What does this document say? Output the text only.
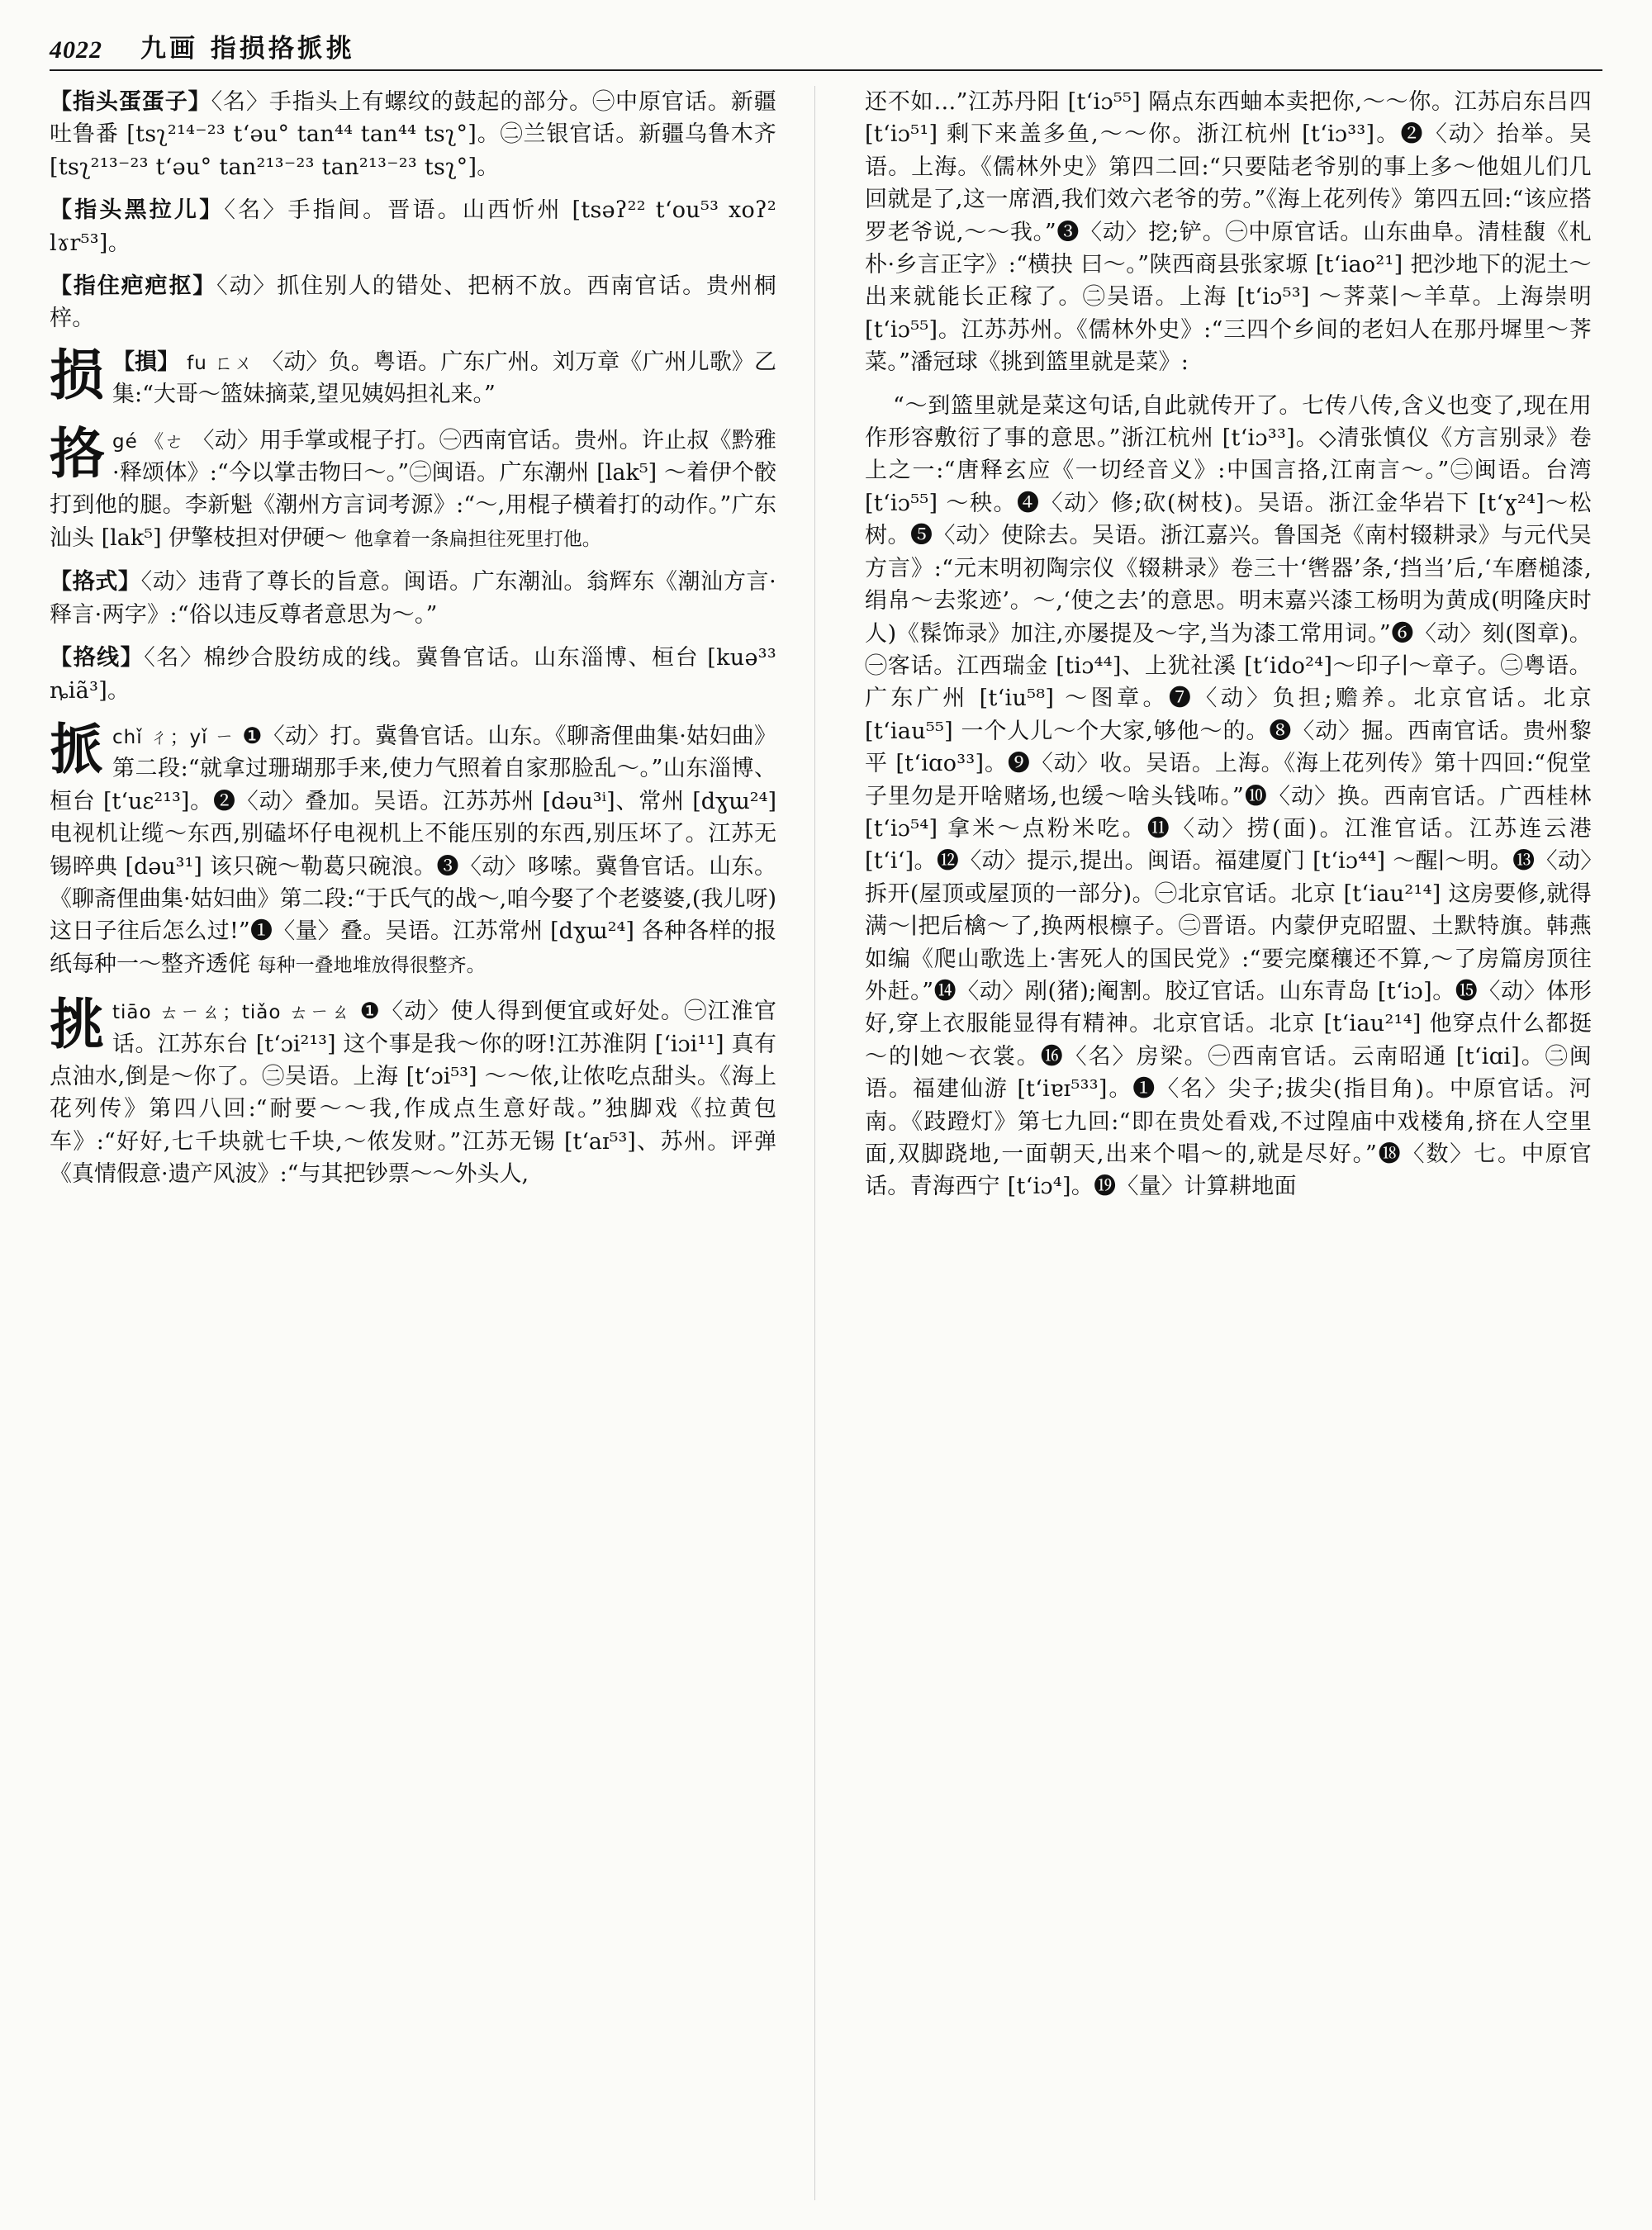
4022 九画 指损挌挀挑
【指头蛋蛋子】〈名〉手指头上有螺纹的鼓起的部分。㊀中原官话。新疆吐鲁番 [tsʅ²¹⁴⁻²³ tʻəu° tan⁴⁴ tan⁴⁴ tsʅ°]。㊁兰银官话。新疆乌鲁木齐 [tsʅ²¹³⁻²³ tʻəu° tan²¹³⁻²³ tan²¹³⁻²³ tsʅ°]。
【指头黑拉儿】〈名〉手指间。晋语。山西忻州 [tsəʔ²² tʻou⁵³ xoʔ² lɤr⁵³]。
【指住疤疤抠】〈动〉抓住别人的错处、把柄不放。西南官话。贵州桐梓。
损 【損】 fu ㄈㄨ 〈动〉负。粤语。广东广州。刘万章《广州儿歌》乙集:“大哥～篮妹摘菜,望见姨妈担礼来。”
挌 gé 《ㄜ 〈动〉用手掌或棍子打。㊀西南官话。贵州。许止叔《黔雅·释颂体》:“今以掌击物曰～。”㊁闽语。广东潮州 [lak⁵] ～着伊个骹打到他的腿。李新魁《潮州方言词考源》:“～,用棍子横着打的动作。”广东汕头 [lak⁵] 伊擎枝担对伊硬～ 他拿着一条扁担往死里打他。
【挌式】〈动〉违背了尊长的旨意。闽语。广东潮汕。翁辉东《潮汕方言·释言·两字》:“俗以违反尊者意思为～。”
【挌线】〈名〉棉纱合股纺成的线。冀鲁官话。山东淄博、桓台 [kuə³³ ȵiã³]。
挀 chǐ ㄔ；yǐ ㄧ ❶〈动〉打。冀鲁官话。山东。《聊斋俚曲集·姑妇曲》第二段:“就拿过珊瑚那手来,使力气照着自家那脸乱～。”山东淄博、桓台 [tʻuɛ²¹³]。❷〈动〉叠加。吴语。江苏苏州 [dəu³ⁱ]、常州 [dɣɯ²⁴] 电视机让缆～东西,别磕坏仔电视机上不能压别的东西,别压坏了。江苏无锡晬典 [dəu³¹] 该只碗～勒葛只碗浪。❸〈动〉哆嗦。冀鲁官话。山东。《聊斋俚曲集·姑妇曲》第二段:“于氏气的战～,咱今娶了个老婆婆,(我儿呀)这日子往后怎么过!”❶〈量〉叠。吴语。江苏常州 [dɣɯ²⁴] 各种各样的报纸每种一～整齐透侂 每种一叠地堆放得很整齐。
挑 tiāo ㄊㄧㄠ；tiǎo ㄊㄧㄠ ❶〈动〉使人得到便宜或好处。㊀江淮官话。江苏东台 [tʻɔi²¹³] 这个事是我～你的呀!江苏淮阴 [ʻiɔi¹¹] 真有点油水,倒是～你了。㊁吴语。上海 [tʻɔi⁵³] ～～侬,让侬吃点甜头。《海上花列传》第四八回:“耐要～～我,作成点生意好哉。”独脚戏《拉黄包车》:“好好,七千块就七千块,～侬发财。”江苏无锡 [tʻaɪ⁵³]、苏州。评弹《真情假意·遗产风波》:“与其把钞票～～外头人,
还不如…”江苏丹阳 [tʻiɔ⁵⁵] 隔点东西蚰本卖把你,～～你。江苏启东吕四 [tʻiɔ⁵¹] 剩下来盖多鱼,～～你。浙江杭州 [tʻiɔ³³]。❷〈动〉抬举。吴语。上海。《儒林外史》第四二回:“只要陆老爷别的事上多～他姐儿们几回就是了,这一席酒,我们效六老爷的劳。”《海上花列传》第四五回:“该应搭罗老爷说,～～我。”❸〈动〉挖;铲。㊀中原官话。山东曲阜。清桂馥《札朴·乡言正字》:“横抉 曰～。”陕西商县张家塬 [tʻiao²¹] 把沙地下的泥土～出来就能长正稼了。㊁吴语。上海 [tʻiɔ⁵³] ～荠菜∣～羊草。上海崇明 [tʻiɔ⁵⁵]。江苏苏州。《儒林外史》:“三四个乡间的老妇人在那丹墀里～荠菜。”潘冠球《挑到篮里就是菜》:
“～到篮里就是菜这句话,自此就传开了。七传八传,含义也变了,现在用作形容敷衍了事的意思。”浙江杭州 [tʻiɔ³³]。◇清张慎仪《方言别录》卷上之一:“唐释玄应《一切经音义》:中国言挌,江南言～。”㊁闽语。台湾 [tʻiɔ⁵⁵] ～秧。❹〈动〉修;砍(树枝)。吴语。浙江金华岩下 [tʻɣ²⁴]～松树。❺〈动〉使除去。吴语。浙江嘉兴。鲁国尧《南村辍耕录》与元代吴方言》:“元末明初陶宗仪《辍耕录》卷三十‘辔器’条,‘挡当’后,‘车磨槌漆,绢帛～去浆迹’。～,‘使之去’的意思。明末嘉兴漆工杨明为黄成(明隆庆时人)《髹饰录》加注,亦屡提及～字,当为漆工常用词。”❻〈动〉刻(图章)。㊀客话。江西瑞金 [tiɔ⁴⁴]、上犹社溪 [tʻido²⁴]～印子∣～章子。㊁粤语。广东广州 [tʻiu⁵⁸] ～图章。❼〈动〉负担;赡养。北京官话。北京 [tʻiau⁵⁵] 一个人儿～个大家,够他～的。❽〈动〉掘。西南官话。贵州黎平 [tʻiɑo³³]。❾〈动〉收。吴语。上海。《海上花列传》第十四回:“倪堂子里勿是开啥赌场,也缓～啥头钱咘。”❿〈动〉换。西南官话。广西桂林 [tʻiɔ⁵⁴] 拿米～点粉米吃。⓫〈动〉捞(面)。江淮官话。江苏连云港 [tʻiʻ]。⓬〈动〉提示,提出。闽语。福建厦门 [tʻiɔ⁴⁴] ～醒∣～明。⓭〈动〉拆开(屋顶或屋顶的一部分)。㊀北京官话。北京 [tʻiau²¹⁴] 这房要修,就得满～∣把后檎～了,换两根檩子。㊁晋语。内蒙伊克昭盟、土默特旗。韩燕如编《爬山歌选上·害死人的国民党》:“要完糜穰还不算,～了房篇房顶往 外赶。”⓮〈动〉剐(猪);阉割。胶辽官话。山东青岛 [tʻiɔ]。⓯〈动〉体形好,穿上衣服能显得有精神。北京官话。北京 [tʻiau²¹⁴] 他穿点什么都挺～的∣她～衣裳。⓰〈名〉房梁。㊀西南官话。云南昭通 [tʻiɑi]。㊁闽语。福建仙游 [tʻiɐɪ⁵³³]。❶〈名〉尖子;拔尖(指目角)。中原官话。河南。《跂蹬灯》第七九回:“即在贵处看戏,不过隍庙中戏楼角,挤在人空里面,双脚跷地,一面朝天,出来个唱～的,就是尽好。”⓲〈数〉七。中原官话。青海西宁 [tʻiɔ⁴]。⓳〈量〉计算耕地面
